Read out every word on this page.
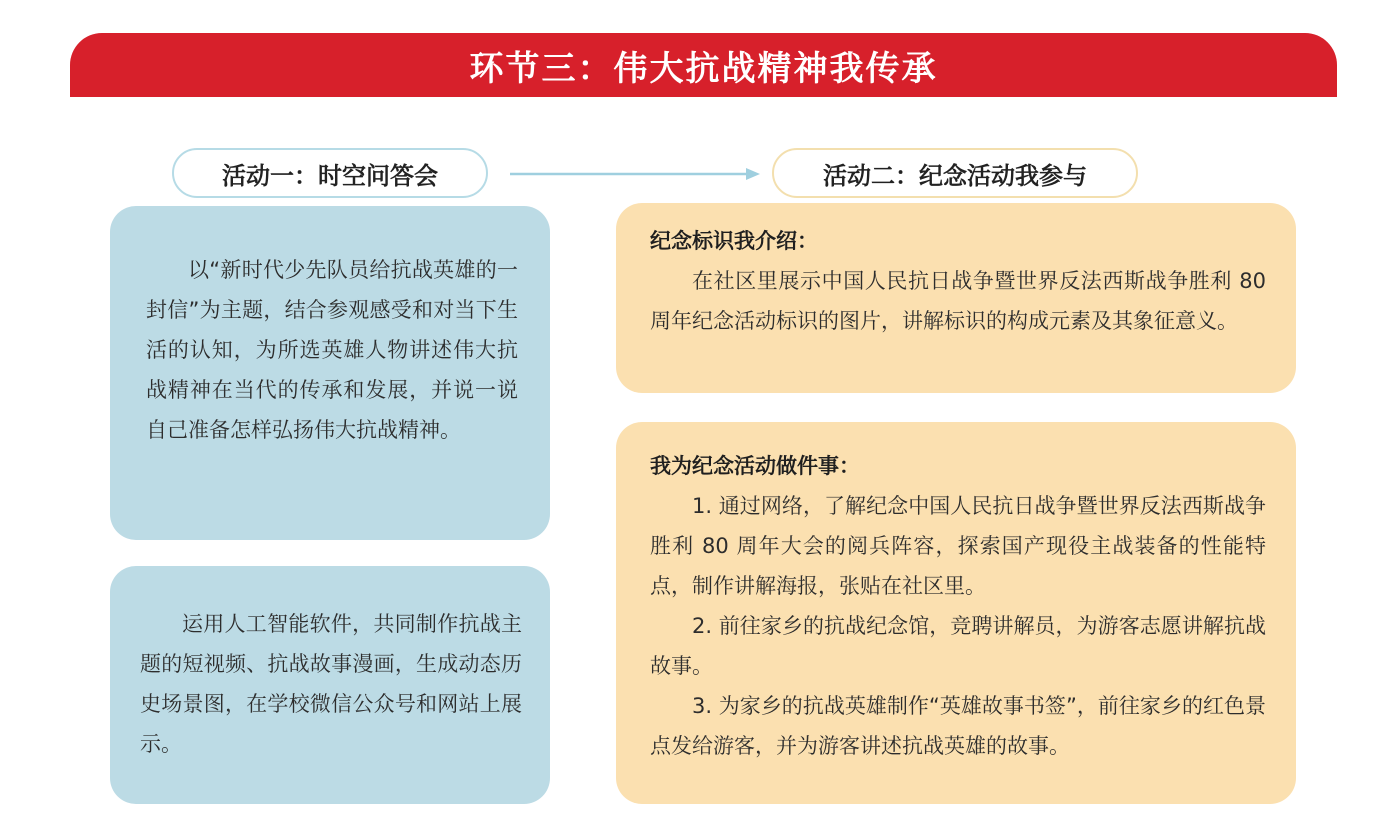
环节三：伟大抗战精神我传承
活动一：时空问答会	活动二：纪念活动我参与

以“新时代少先队员给抗战英雄的一封信”为主题，结合参观感受和对当下生活的认知，为所选英雄人物讲述伟大抗战精神在当代的传承和发展，并说一说自己准备怎样弘扬伟大抗战精神。

运用人工智能软件，共同制作抗战主题的短视频、抗战故事漫画，生成动态历史场景图，在学校微信公众号和网站上展示。

纪念标识我介绍：

在社区里展示中国人民抗日战争暨世界反法西斯战争胜利 80 周年纪念活动标识的图片，讲解标识的构成元素及其象征意义。

我为纪念活动做件事：

1. 通过网络，了解纪念中国人民抗日战争暨世界反法西斯战争胜利 80 周年大会的阅兵阵容，探索国产现役主战装备的性能特点，制作讲解海报，张贴在社区里。

2. 前往家乡的抗战纪念馆，竞聘讲解员，为游客志愿讲解抗战故事。

3. 为家乡的抗战英雄制作“英雄故事书签”，前往家乡的红色景点发给游客，并为游客讲述抗战英雄的故事。
